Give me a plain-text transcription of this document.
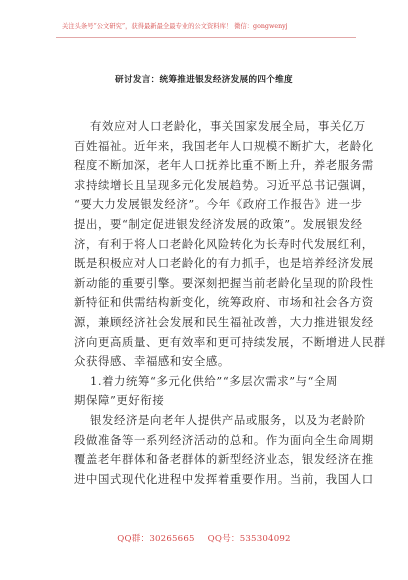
关注头条号“公文研究”，获得最新最全最专业的公文资料库！ 微信：gongwenyj
研讨发言：统筹推进银发经济发展的四个维度
有效应对人口老龄化，事关国家发展全局，事关亿万
百姓福祉。近年来，我国老年人口规模不断扩大，老龄化
程度不断加深，老年人口抚养比重不断上升，养老服务需
求持续增长且呈现多元化发展趋势。习近平总书记强调，
“要大力发展银发经济”。今年《政府工作报告》进一步
提出，要“制定促进银发经济发展的政策”。发展银发经
济，有利于将人口老龄化风险转化为长寿时代发展红利，
既是积极应对人口老龄化的有力抓手，也是培养经济发展
新动能的重要引擎。要深刻把握当前老龄化呈现的阶段性
新特征和供需结构新变化，统筹政府、市场和社会各方资
源，兼顾经济社会发展和民生福祉改善，大力推进银发经
济向更高质量、更有效率和更可持续发展，不断增进人民群
众获得感、幸福感和安全感。
1.着力统筹“多元化供给”“多层次需求”与“全周
期保障”更好衔接
银发经济是向老年人提供产品或服务，以及为老龄阶
段做准备等一系列经济活动的总和。作为面向全生命周期
覆盖老年群体和备老群体的新型经济业态，银发经济在推
进中国式现代化进程中发挥着重要作用。当前，我国人口
QQ群：30265665 QQ号：535304092
